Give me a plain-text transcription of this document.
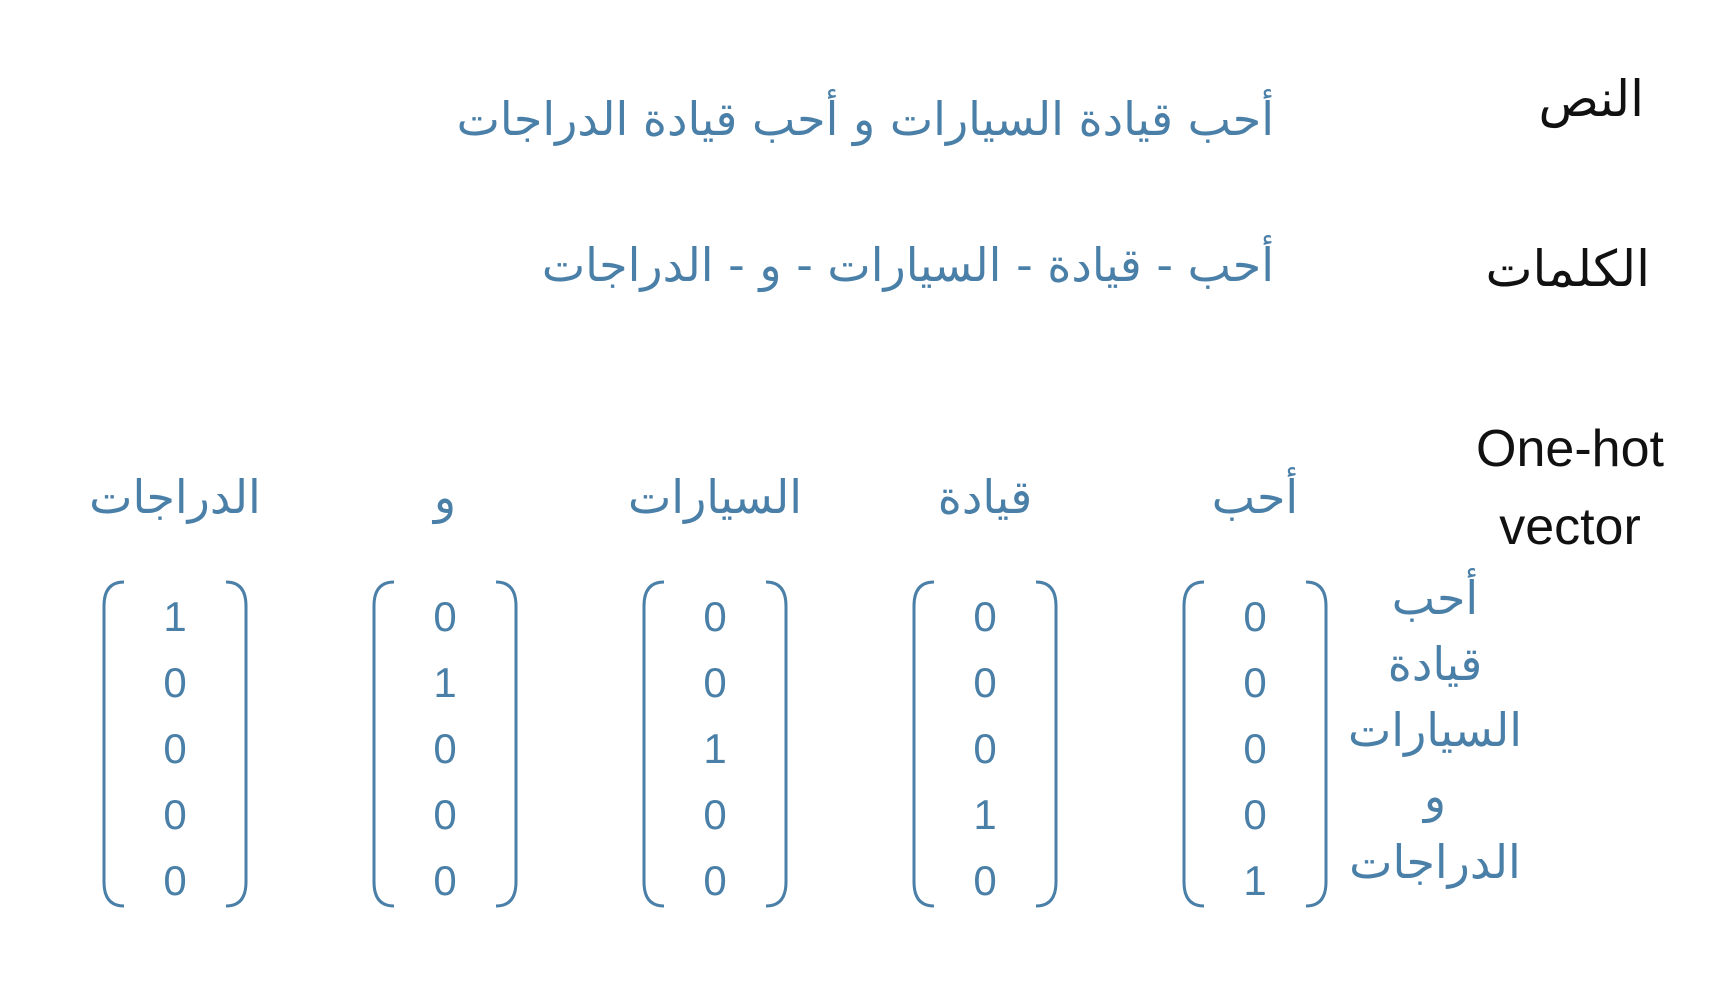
النص
أحب قيادة السيارات و أحب قيادة الدراجات
الكلمات
أحب - قيادة - السيارات - و - الدراجات
One-hot
vector
أحب
قيادة
السيارات
و
الدراجات
0
0
0
0
1
0
0
0
1
0
0
0
1
0
0
0
1
0
0
0
1
0
0
0
0
أحب
قيادة
السيارات
و
الدراجات
